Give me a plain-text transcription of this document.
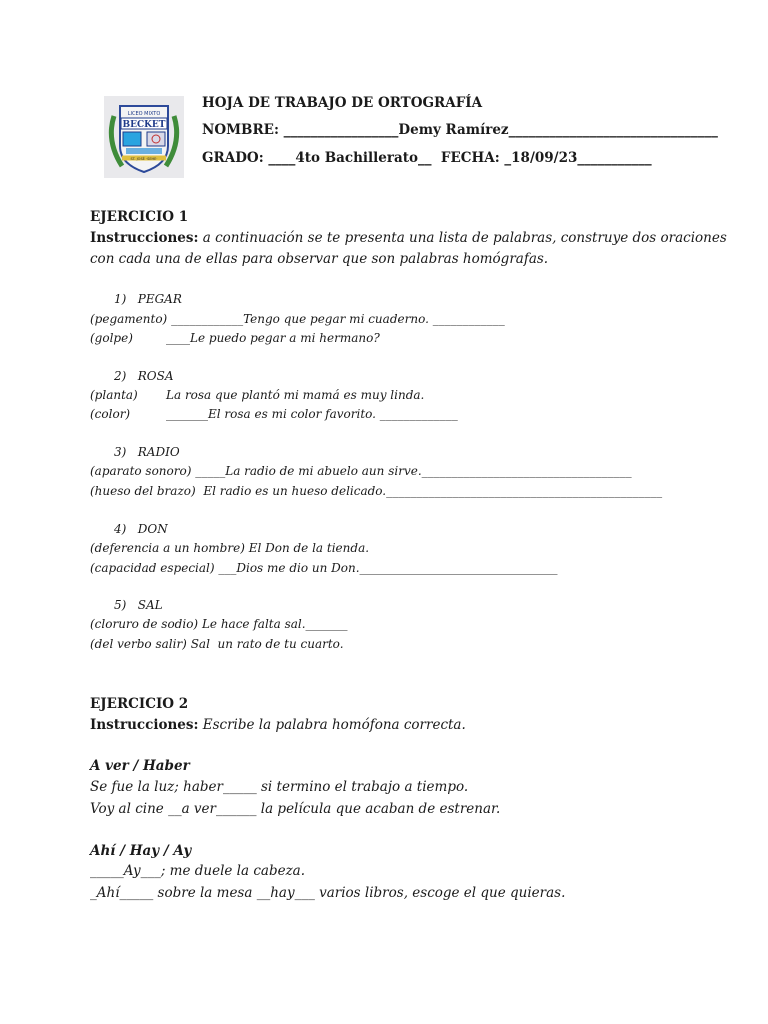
LICEO MIXTO
BECKET
ST. JOSÉ ·SEHE·
HOJA DE TRABAJO DE ORTOGRAFÍA
NOMBRE: _________________Demy Ramírez_______________________________
GRADO: ____4to Bachillerato__  FECHA: _18/09/23___________
EJERCICIO 1
Instrucciones: a continuación se te presenta una lista de palabras, construye dos oraciones
con cada una de ellas para observar que son palabras homógrafas.
1)   PEGAR
(pegamento) ____________Tengo que pegar mi cuaderno. ____________
(golpe)	____Le puedo pegar a mi hermano?
2)   ROSA
(planta) La rosa que plantó mi mamá es muy linda.
(color)	_______El rosa es mi color favorito. _____________
3)   RADIO
(aparato sonoro) _____La radio de mi abuelo aun sirve.___________________________________
(hueso del brazo)  El radio es un hueso delicado.______________________________________________
4)   DON
(deferencia a un hombre) El Don de la tienda.
(capacidad especial) ___Dios me dio un Don._________________________________
5)   SAL
(cloruro de sodio) Le hace falta sal._______
(del verbo salir) Sal  un rato de tu cuarto.
EJERCICIO 2
Instrucciones: Escribe la palabra homófona correcta.
A ver / Haber
Se fue la luz; haber_____ si termino el trabajo a tiempo.
Voy al cine __a ver______ la película que acaban de estrenar.
Ahí / Hay / Ay
_____Ay___; me duele la cabeza.
_Ahí_____ sobre la mesa __hay___ varios libros, escoge el que quieras.
